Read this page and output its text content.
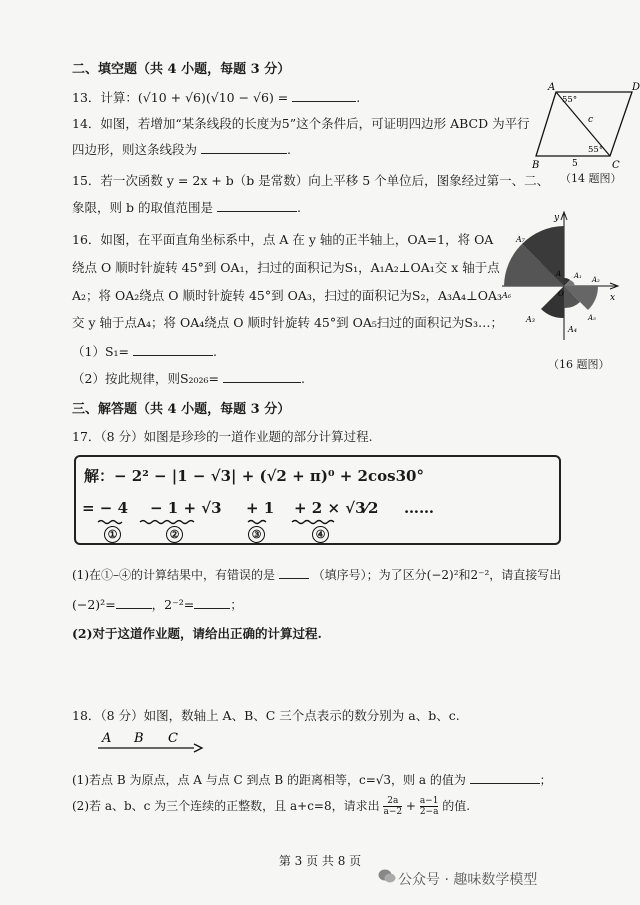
二、填空题（共 4 小题，每题 3 分）
13．计算：(√10 + √6)(√10 − √6) =	.
14．如图，若增加“某条线段的长度为5”这个条件后，可证明四边形 ABCD 为平行
四边形，则这条线段为	.
15．若一次函数 y = 2x + b（b 是常数）向上平移 5 个单位后，图象经过第一、二、
象限，则 b 的取值范围是	.
16．如图，在平面直角坐标系中，点 A 在 y 轴的正半轴上，OA=1，将 OA
绕点 O 顺时针旋转 45°到 OA₁，扫过的面积记为S₁，A₁A₂⊥OA₁交 x 轴于点
A₂；将 OA₂绕点 O 顺时针旋转 45°到 OA₃，扫过的面积记为S₂，A₃A₄⊥OA₃
交 y 轴于点A₄；将 OA₄绕点 O 顺时针旋转 45°到 OA₅扫过的面积记为S₃…；
（1）S₁=	.
（2）按此规律，则S₂₀₂₆=	.
三、解答题（共 4 小题，每题 3 分）
17．（8 分）如图是珍珍的一道作业题的部分计算过程.
解：− 2² − |1 − √3| + (√2 + π)⁰ + 2cos30°
= − 4 − 1 + √3 + 1 + 2 × √3⁄2 ……
①	②	③	④
(1)在①–④的计算结果中，有错误的是	（填序号）；为了区分(−2)²和2⁻²，请直接写出
(−2)²=	，2⁻²=	；
(2)对于这道作业题，请给出正确的计算过程.
18．（8 分）如图，数轴上 A、B、C 三个点表示的数分别为 a、b、c.
A B C
(1)若点 B 为原点，点 A 与点 C 到点 B 的距离相等，c=√3，则 a 的值为	；
(2)若 a、b、c 为三个连续的正整数，且 a+c=8，请求出 $\frac{2a}{a-2} + \frac{a-1}{2-a}$ 的值.
A	D
B	C
c
5
55°
55°
（14 题图）
y
x
A₇
A₁ A₂
A₃
A₄
A₅
A₆
A
O
（16 题图）
第 3 页 共 8 页
公众号 · 趣味数学模型
